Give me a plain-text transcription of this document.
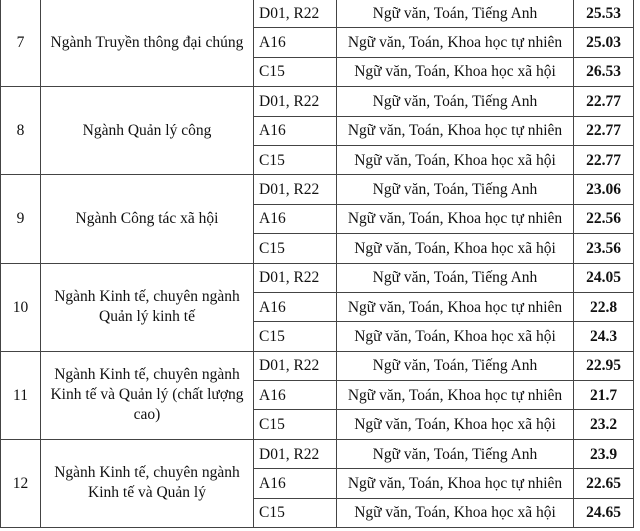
7	Ngành Truyền thông đại chúng	D01, R22	Ngữ văn, Toán, Tiếng Anh	25.53
		A16	Ngữ văn, Toán, Khoa học tự nhiên	25.03
		C15	Ngữ văn, Toán, Khoa học xã hội	26.53
8	Ngành Quản lý công	D01, R22	Ngữ văn, Toán, Tiếng Anh	22.77
		A16	Ngữ văn, Toán, Khoa học tự nhiên	22.77
		C15	Ngữ văn, Toán, Khoa học xã hội	22.77
9	Ngành Công tác xã hội	D01, R22	Ngữ văn, Toán, Tiếng Anh	23.06
		A16	Ngữ văn, Toán, Khoa học tự nhiên	22.56
		C15	Ngữ văn, Toán, Khoa học xã hội	23.56
10	Ngành Kinh tế, chuyên ngành Quản lý kinh tế	D01, R22	Ngữ văn, Toán, Tiếng Anh	24.05
		A16	Ngữ văn, Toán, Khoa học tự nhiên	22.8
		C15	Ngữ văn, Toán, Khoa học xã hội	24.3
11	Ngành Kinh tế, chuyên ngành Kinh tế và Quản lý (chất lượng cao)	D01, R22	Ngữ văn, Toán, Tiếng Anh	22.95
		A16	Ngữ văn, Toán, Khoa học tự nhiên	21.7
		C15	Ngữ văn, Toán, Khoa học xã hội	23.2
12	Ngành Kinh tế, chuyên ngành Kinh tế và Quản lý	D01, R22	Ngữ văn, Toán, Tiếng Anh	23.9
		A16	Ngữ văn, Toán, Khoa học tự nhiên	22.65
		C15	Ngữ văn, Toán, Khoa học xã hội	24.65
